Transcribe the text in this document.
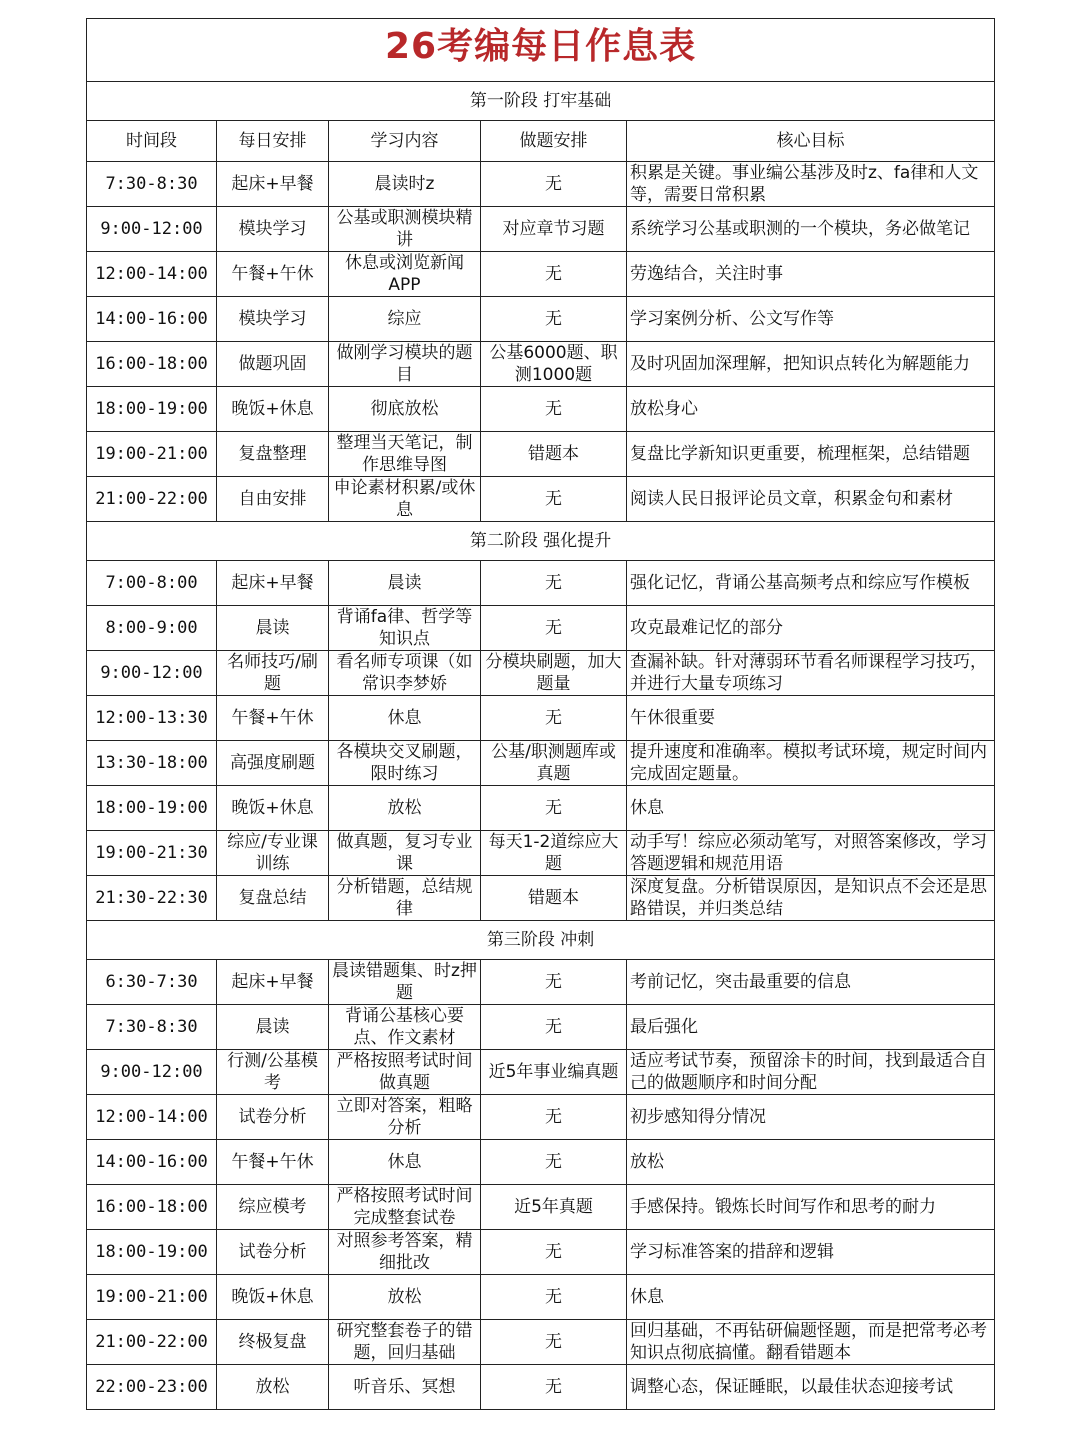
26考编每日作息表				
第一阶段 打牢基础				
时间段	每日安排	学习内容	做题安排	核心目标
7:30-8:30	起床+早餐	晨读时z	无	积累是关键。事业编公基涉及时z、fa律和人文等，需要日常积累
9:00-12:00	模块学习	公基或职测模块精讲	对应章节习题	系统学习公基或职测的一个模块，务必做笔记
12:00-14:00	午餐+午休	休息或浏览新闻APP	无	劳逸结合，关注时事
14:00-16:00	模块学习	综应	无	学习案例分析、公文写作等
16:00-18:00	做题巩固	做刚学习模块的题目	公基6000题、职测1000题	及时巩固加深理解，把知识点转化为解题能力
18:00-19:00	晚饭+休息	彻底放松	无	放松身心
19:00-21:00	复盘整理	整理当天笔记，制作思维导图	错题本	复盘比学新知识更重要，梳理框架，总结错题
21:00-22:00	自由安排	申论素材积累/或休息	无	阅读人民日报评论员文章，积累金句和素材
第二阶段 强化提升				
7:00-8:00	起床+早餐	晨读	无	强化记忆，背诵公基高频考点和综应写作模板
8:00-9:00	晨读	背诵fa律、哲学等知识点	无	攻克最难记忆的部分
9:00-12:00	名师技巧/刷题	看名师专项课（如常识李梦娇	分模块刷题，加大题量	查漏补缺。针对薄弱环节看名师课程学习技巧，并进行大量专项练习
12:00-13:30	午餐+午休	休息	无	午休很重要
13:30-18:00	高强度刷题	各模块交叉刷题，限时练习	公基/职测题库或真题	提升速度和准确率。模拟考试环境，规定时间内完成固定题量。
18:00-19:00	晚饭+休息	放松	无	休息
19:00-21:30	综应/专业课训练	做真题，复习专业课	每天1-2道综应大题	动手写！综应必须动笔写，对照答案修改，学习答题逻辑和规范用语
21:30-22:30	复盘总结	分析错题，总结规律	错题本	深度复盘。分析错误原因，是知识点不会还是思路错误，并归类总结
第三阶段 冲刺				
6:30-7:30	起床+早餐	晨读错题集、时z押题	无	考前记忆，突击最重要的信息
7:30-8:30	晨读	背诵公基核心要点、作文素材	无	最后强化
9:00-12:00	行测/公基模考	严格按照考试时间做真题	近5年事业编真题	适应考试节奏，预留涂卡的时间，找到最适合自己的做题顺序和时间分配
12:00-14:00	试卷分析	立即对答案，粗略分析	无	初步感知得分情况
14:00-16:00	午餐+午休	休息	无	放松
16:00-18:00	综应模考	严格按照考试时间完成整套试卷	近5年真题	手感保持。锻炼长时间写作和思考的耐力
18:00-19:00	试卷分析	对照参考答案，精细批改	无	学习标准答案的措辞和逻辑
19:00-21:00	晚饭+休息	放松	无	休息
21:00-22:00	终极复盘	研究整套卷子的错题，回归基础	无	回归基础，不再钻研偏题怪题，而是把常考必考知识点彻底搞懂。翻看错题本
22:00-23:00	放松	听音乐、冥想	无	调整心态，保证睡眠，以最佳状态迎接考试
